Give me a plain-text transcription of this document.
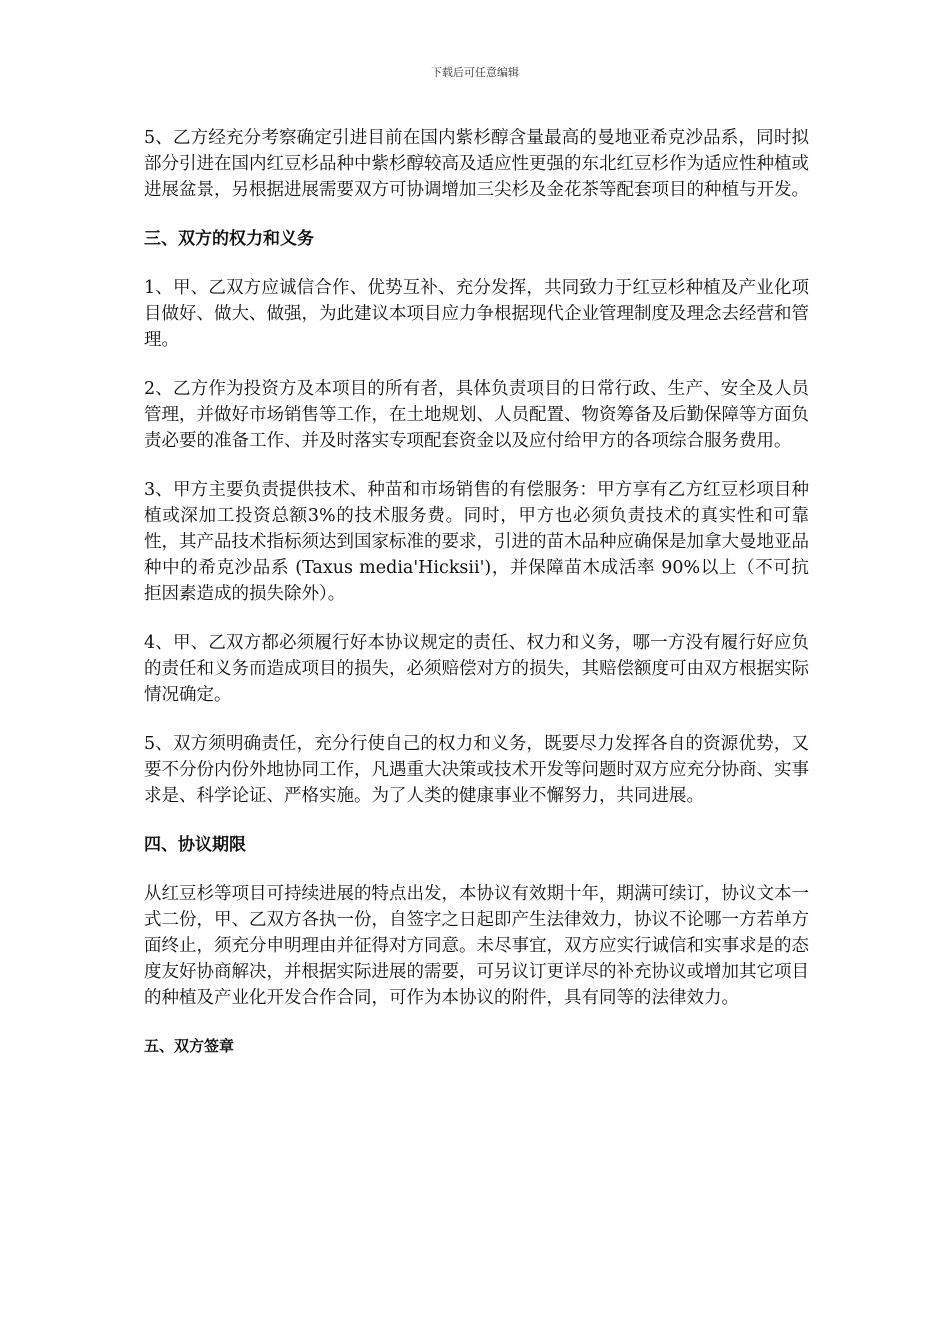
下载后可任意编辑

5、乙方经充分考察确定引进目前在国内紫杉醇含量最高的曼地亚希克沙品系，同时拟部分引进在国内红豆杉品种中紫杉醇较高及适应性更强的东北红豆杉作为适应性种植或进展盆景，另根据进展需要双方可协调增加三尖杉及金花茶等配套项目的种植与开发。

三、双方的权力和义务

1、甲、乙双方应诚信合作、优势互补、充分发挥，共同致力于红豆杉种植及产业化项目做好、做大、做强，为此建议本项目应力争根据现代企业管理制度及理念去经营和管理。

2、乙方作为投资方及本项目的所有者，具体负责项目的日常行政、生产、安全及人员管理，并做好市场销售等工作，在土地规划、人员配置、物资筹备及后勤保障等方面负责必要的准备工作、并及时落实专项配套资金以及应付给甲方的各项综合服务费用。

3、甲方主要负责提供技术、种苗和市场销售的有偿服务：甲方享有乙方红豆杉项目种植或深加工投资总额3%的技术服务费。同时，甲方也必须负责技术的真实性和可靠性，其产品技术指标须达到国家标准的要求，引进的苗木品种应确保是加拿大曼地亚品种中的希克沙品系 (Taxus media'Hicksii')，并保障苗木成活率 90%以上（不可抗拒因素造成的损失除外）。

4、甲、乙双方都必须履行好本协议规定的责任、权力和义务，哪一方没有履行好应负的责任和义务而造成项目的损失，必须赔偿对方的损失，其赔偿额度可由双方根据实际情况确定。

5、双方须明确责任，充分行使自己的权力和义务，既要尽力发挥各自的资源优势，又要不分份内份外地协同工作，凡遇重大决策或技术开发等问题时双方应充分协商、实事求是、科学论证、严格实施。为了人类的健康事业不懈努力，共同进展。

四、协议期限

从红豆杉等项目可持续进展的特点出发，本协议有效期十年，期满可续订，协议文本一式二份，甲、乙双方各执一份，自签字之日起即产生法律效力，协议不论哪一方若单方面终止，须充分申明理由并征得对方同意。未尽事宜，双方应实行诚信和实事求是的态度友好协商解决，并根据实际进展的需要，可另议订更详尽的补充协议或增加其它项目的种植及产业化开发合作合同，可作为本协议的附件，具有同等的法律效力。

五、双方签章
